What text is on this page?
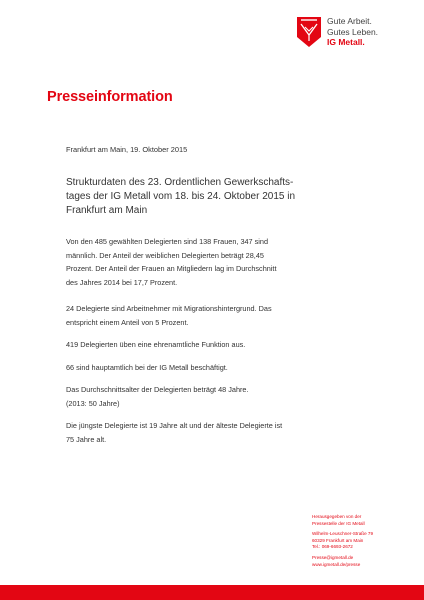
Gute Arbeit.
Gutes Leben.
IG Metall.
Presseinformation
Frankfurt am Main, 19. Oktober 2015
Strukturdaten des 23. Ordentlichen Gewerkschafts-
tages der IG Metall vom 18. bis 24. Oktober 2015 in
Frankfurt am Main
Von den 485 gewählten Delegierten sind 138 Frauen, 347 sind
männlich. Der Anteil der weiblichen Delegierten beträgt 28,45
Prozent. Der Anteil der Frauen an Mitgliedern lag im Durchschnitt
des Jahres 2014 bei 17,7 Prozent.
24 Delegierte sind Arbeitnehmer mit Migrationshintergrund. Das
entspricht einem Anteil von 5 Prozent.
419 Delegierten üben eine ehrenamtliche Funktion aus.
66 sind hauptamtlich bei der IG Metall beschäftigt.
Das Durchschnittsalter der Delegierten beträgt 48 Jahre.
(2013: 50 Jahre)
Die jüngste Delegierte ist 19 Jahre alt und der älteste Delegierte ist
75 Jahre alt.
Herausgegeben von der
Pressestelle der IG Metall
Wilhelm-Leuschner-Straße 79
60329 Frankfurt am Main
Tel.: 069-6693-2672
Presse@igmetall.de
www.igmetall.de/presse
